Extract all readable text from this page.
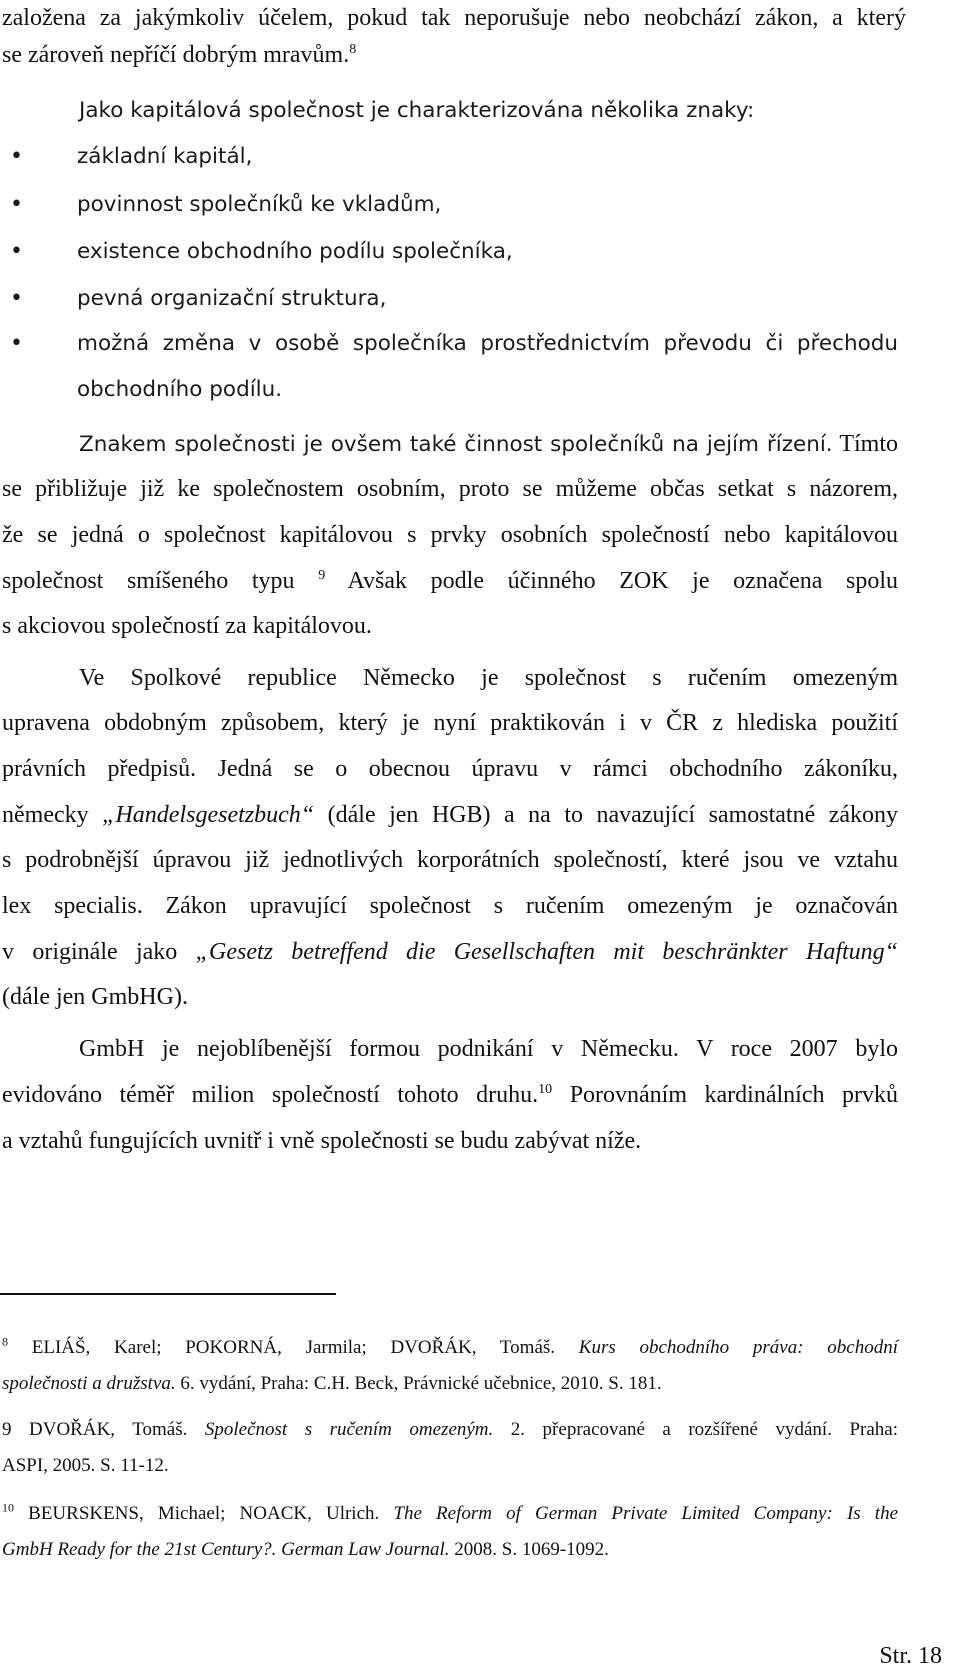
založena za jakýmkoliv účelem, pokud tak neporušuje nebo neobchází zákon, a který
se zároveň nepříčí dobrým mravům.$^8$
Jako kapitálová společnost je charakterizována několika znaky:
•	základní kapitál,
•	povinnost společníků ke vkladům,
•	existence obchodního podílu společníka,
•	pevná organizační struktura,
•	možná změna v osobě společníka prostřednictvím převodu či přechodu
obchodního podílu.
Znakem společnosti je ovšem také činnost společníků na jejím řízení. Tímto
se přibližuje již ke společnostem osobním, proto se můžeme občas setkat s názorem,
že se jedná o společnost kapitálovou s prvky osobních společností nebo kapitálovou
společnost smíšeného typu $^9$ Avšak podle účinného ZOK je označena spolu
s akciovou společností za kapitálovou.
Ve Spolkové republice Německo je společnost s ručením omezeným
upravena obdobným způsobem, který je nyní praktikován i v ČR z hlediska použití
právních předpisů. Jedná se o obecnou úpravu v rámci obchodního zákoníku,
německy „Handelsgesetzbuch“ (dále jen HGB) a na to navazující samostatné zákony
s podrobnější úpravou již jednotlivých korporátních společností, které jsou ve vztahu
lex specialis. Zákon upravující společnost s ručením omezeným je označován
v originále jako „Gesetz betreffend die Gesellschaften mit beschränkter Haftung“
(dále jen GmbHG).
GmbH je nejoblíbenější formou podnikání v Německu. V roce 2007 bylo
evidováno téměř milion společností tohoto druhu.$^{10}$ Porovnáním kardinálních prvků
a vztahů fungujících uvnitř i vně společnosti se budu zabývat níže.
$^8$ ELIÁŠ, Karel; POKORNÁ, Jarmila; DVOŘÁK, Tomáš. Kurs obchodního práva: obchodní
společnosti a družstva. 6. vydání, Praha: C.H. Beck, Právnické učebnice, 2010. S. 181.
9 DVOŘÁK, Tomáš. Společnost s ručením omezeným. 2. přepracované a rozšířené vydání. Praha:
ASPI, 2005. S. 11-12.
$^{10}$ BEURSKENS, Michael; NOACK, Ulrich. The Reform of German Private Limited Company: Is the
GmbH Ready for the 21st Century?. German Law Journal. 2008. S. 1069-1092.
Str. 18
